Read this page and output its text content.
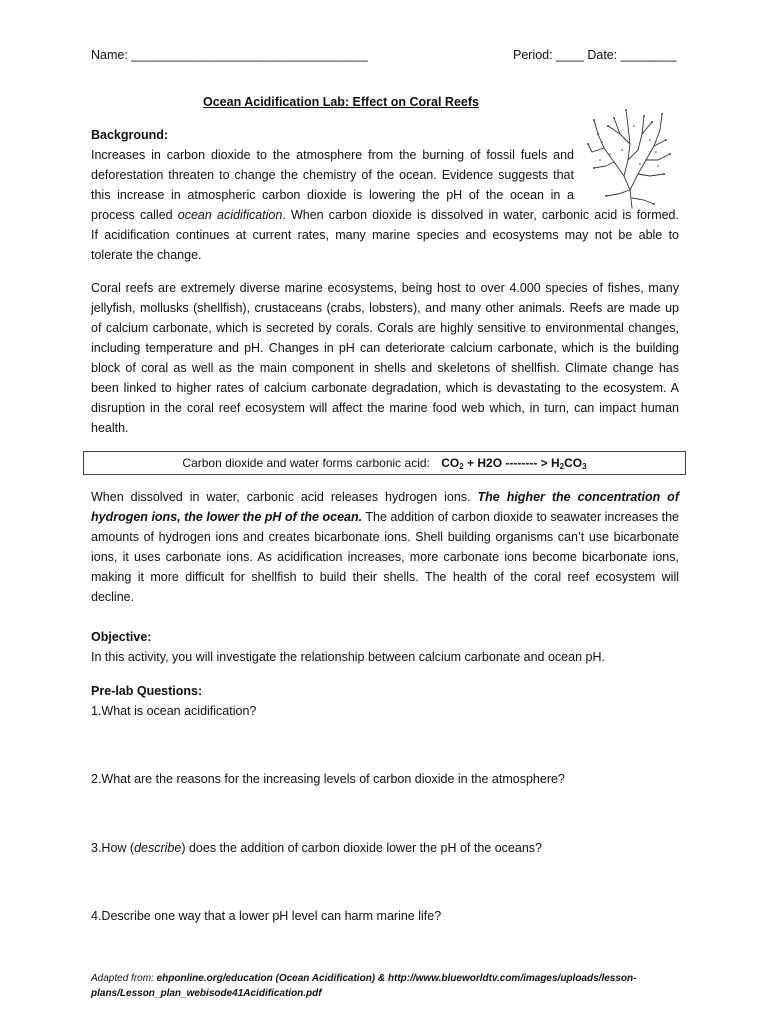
Name: __________________________________	Period: ____ Date: ________
Ocean Acidification Lab: Effect on Coral Reefs
Background:
Increases in carbon dioxide to the atmosphere from the burning of fossil fuels and
deforestation threaten to change the chemistry of the ocean. Evidence suggests that
this increase in atmospheric carbon dioxide is lowering the pH of the ocean in a
process called ocean acidification. When carbon dioxide is dissolved in water, carbonic acid is formed.
If acidification continues at current rates, many marine species and ecosystems may not be able to
tolerate the change.
Coral reefs are extremely diverse marine ecosystems, being host to over 4.000 species of fishes, many
jellyfish, mollusks (shellfish), crustaceans (crabs, lobsters), and many other animals. Reefs are made up
of calcium carbonate, which is secreted by corals. Corals are highly sensitive to environmental changes,
including temperature and pH. Changes in pH can deteriorate calcium carbonate, which is the building
block of coral as well as the main component in shells and skeletons of shellfish. Climate change has
been linked to higher rates of calcium carbonate degradation, which is devastating to the ecosystem. A
disruption in the coral reef ecosystem will affect the marine food web which, in turn, can impact human
health.
Carbon dioxide and water forms carbonic acid: $CO_2 + H2O$ -------- > $H_2CO_3$
When dissolved in water, carbonic acid releases hydrogen ions. The higher the concentration of
hydrogen ions, the lower the pH of the ocean. The addition of carbon dioxide to seawater increases the
amounts of hydrogen ions and creates bicarbonate ions. Shell building organisms can’t use bicarbonate
ions, it uses carbonate ions. As acidification increases, more carbonate ions become bicarbonate ions,
making it more difficult for shellfish to build their shells. The health of the coral reef ecosystem will
decline.
Objective:
In this activity, you will investigate the relationship between calcium carbonate and ocean pH.
Pre-lab Questions:
1.What is ocean acidification?
2.What are the reasons for the increasing levels of carbon dioxide in the atmosphere?
3.How (describe) does the addition of carbon dioxide lower the pH of the oceans?
4.Describe one way that a lower pH level can harm marine life?
Adapted from: ehponline.org/education (Ocean Acidification) & http://www.blueworldtv.com/images/uploads/lesson-
plans/Lesson_plan_webisode41Acidification.pdf
